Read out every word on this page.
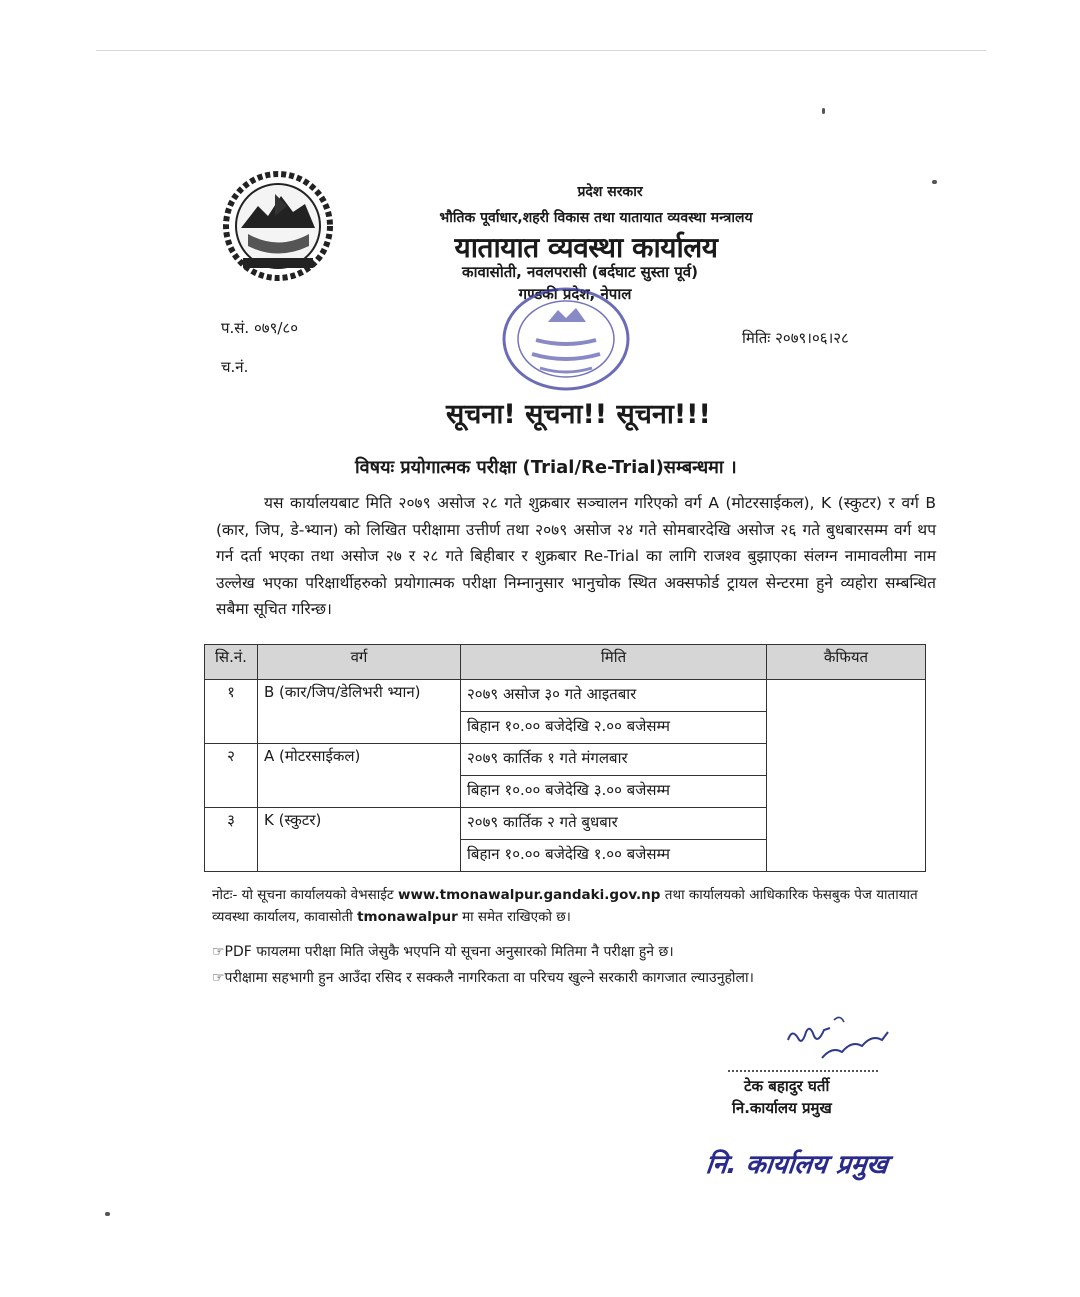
प्रदेश सरकार
भौतिक पूर्वाधार,शहरी विकास तथा यातायात व्यवस्था मन्त्रालय
यातायात व्यवस्था कार्यालय
कावासोती, नवलपरासी (बर्दघाट सुस्ता पूर्व)
गण्डकी प्रदेश, नेपाल
प.सं. ०७९/८०
च.नं.
मितिः २०७९।०६।२८
सूचना! सूचना!! सूचना!!!
विषयः प्रयोगात्मक परीक्षा (Trial/Re-Trial)सम्बन्धमा ।
यस कार्यालयबाट मिति २०७९ असोज २८ गते शुक्रबार सञ्चालन गरिएको वर्ग A (मोटरसाईकल), K (स्कुटर) र वर्ग B (कार, जिप, डे-भ्यान) को लिखित परीक्षामा उत्तीर्ण तथा २०७९ असोज २४ गते सोमबारदेखि असोज २६ गते बुधबारसम्म वर्ग थप गर्न दर्ता भएका तथा असोज २७ र २८ गते बिहीबार र शुक्रबार Re-Trial का लागि राजश्व बुझाएका संलग्न नामावलीमा नाम उल्लेख भएका परिक्षार्थीहरुको प्रयोगात्मक परीक्षा निम्नानुसार भानुचोक स्थित अक्सफोर्ड ट्रायल सेन्टरमा हुने व्यहोरा सम्बन्धित सबैमा सूचित गरिन्छ।
सि.नं.	वर्ग	मिति	कैफियत
१	B (कार/जिप/डेलिभरी भ्यान)	२०७९ असोज ३० गते आइतबार
बिहान १०.०० बजेदेखि २.०० बजेसम्म	

२	A (मोटरसाईकल)	२०७९ कार्तिक १ गते मंगलबार
बिहान १०.०० बजेदेखि ३.०० बजेसम्म	

३	K (स्कुटर)	२०७९ कार्तिक २ गते बुधबार
बिहान १०.०० बजेदेखि १.०० बजेसम्म	
नोटः- यो सूचना कार्यालयको वेभसाईट www.tmonawalpur.gandaki.gov.np तथा कार्यालयको आधिकारिक फेसबुक पेज यातायात व्यवस्था कार्यालय, कावासोती tmonawalpur मा समेत राखिएको छ।
☞PDF फायलमा परीक्षा मिति जेसुकै भएपनि यो सूचना अनुसारको मितिमा नै परीक्षा हुने छ।
☞परीक्षामा सहभागी हुन आउँदा रसिद र सक्कलै नागरिकता वा परिचय खुल्ने सरकारी कागजात ल्याउनुहोला।
टेक बहादुर घर्ती
नि.कार्यालय प्रमुख
नि. कार्यालय प्रमुख
